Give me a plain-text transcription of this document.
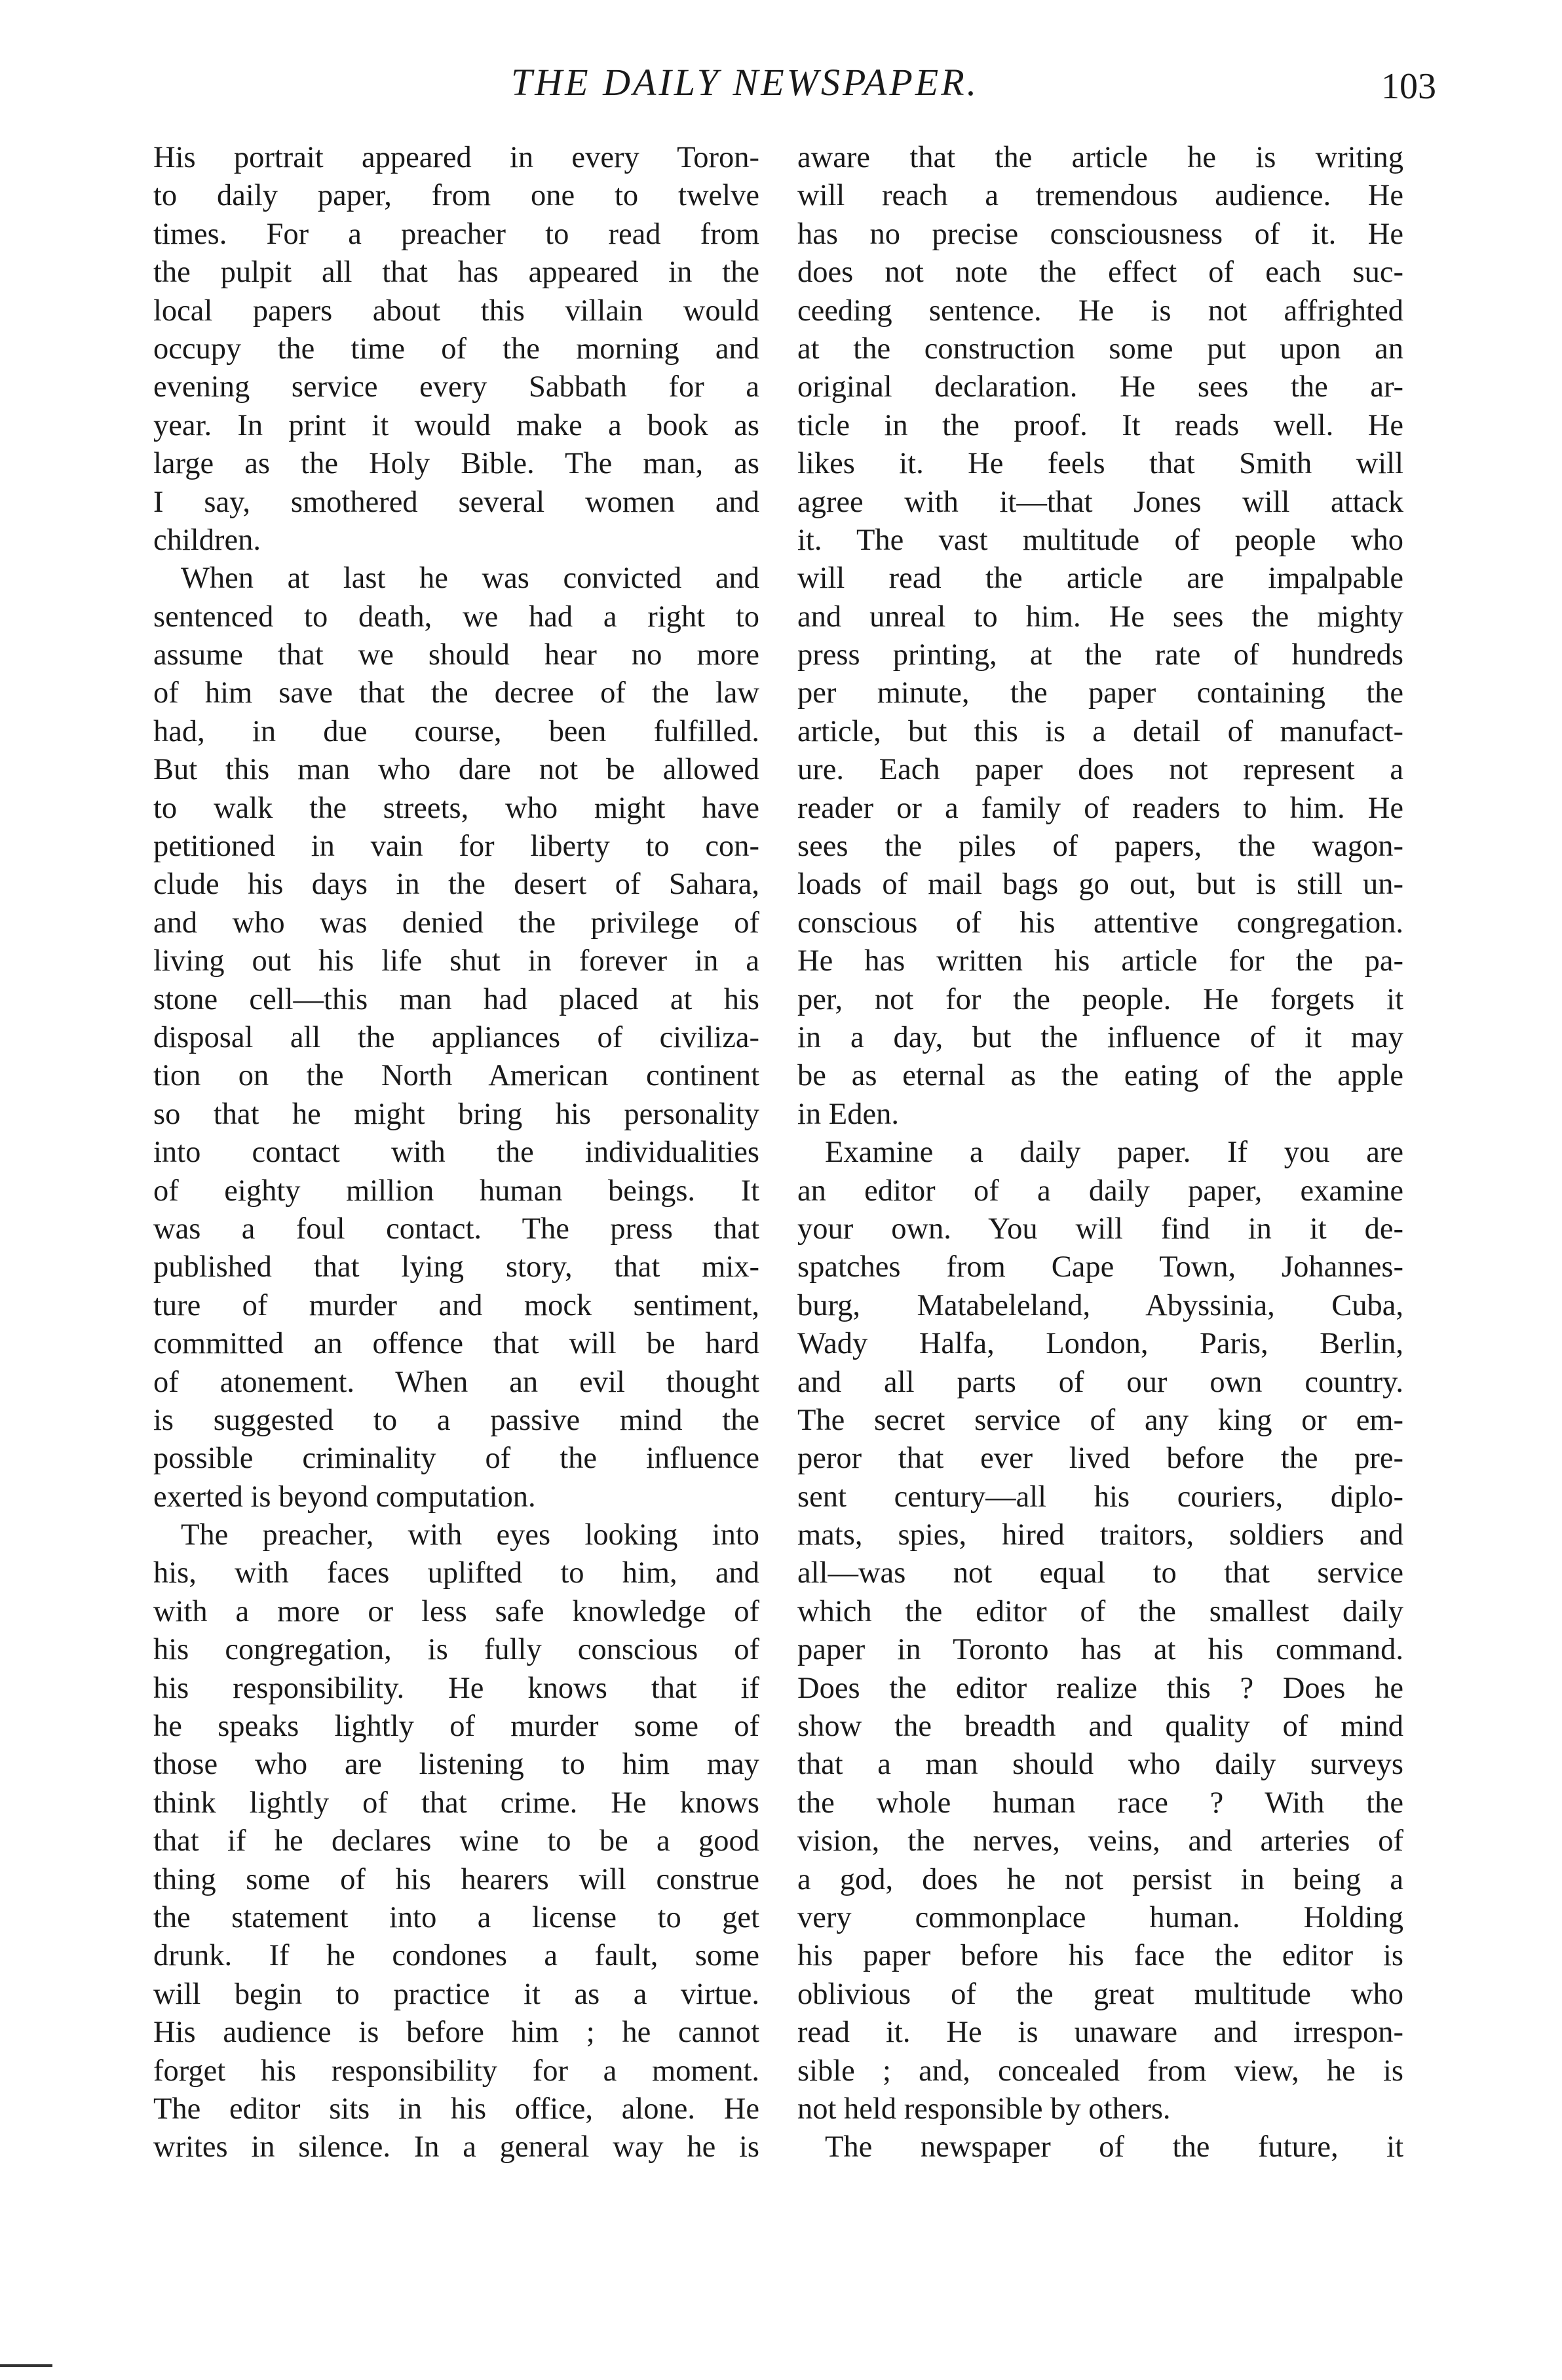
THE DAILY NEWSPAPER.	103
His portrait appeared in every Toron-
to daily paper, from one to twelve
times. For a preacher to read from
the pulpit all that has appeared in the
local papers about this villain would
occupy the time of the morning and
evening service every Sabbath for a
year. In print it would make a book as
large as the Holy Bible. The man, as
I say, smothered several women and
children.
When at last he was convicted and
sentenced to death, we had a right to
assume that we should hear no more
of him save that the decree of the law
had, in due course, been fulfilled.
But this man who dare not be allowed
to walk the streets, who might have
petitioned in vain for liberty to con-
clude his days in the desert of Sahara,
and who was denied the privilege of
living out his life shut in forever in a
stone cell—this man had placed at his
disposal all the appliances of civiliza-
tion on the North American continent
so that he might bring his personality
into contact with the individualities
of eighty million human beings. It
was a foul contact. The press that
published that lying story, that mix-
ture of murder and mock sentiment,
committed an offence that will be hard
of atonement. When an evil thought
is suggested to a passive mind the
possible criminality of the influence
exerted is beyond computation.
The preacher, with eyes looking into
his, with faces uplifted to him, and
with a more or less safe knowledge of
his congregation, is fully conscious of
his responsibility. He knows that if
he speaks lightly of murder some of
those who are listening to him may
think lightly of that crime. He knows
that if he declares wine to be a good
thing some of his hearers will construe
the statement into a license to get
drunk. If he condones a fault, some
will begin to practice it as a virtue.
His audience is before him ; he cannot
forget his responsibility for a moment.
The editor sits in his office, alone. He
writes in silence. In a general way he is
aware that the article he is writing
will reach a tremendous audience. He
has no precise consciousness of it. He
does not note the effect of each suc-
ceeding sentence. He is not affrighted
at the construction some put upon an
original declaration. He sees the ar-
ticle in the proof. It reads well. He
likes it. He feels that Smith will
agree with it—that Jones will attack
it. The vast multitude of people who
will read the article are impalpable
and unreal to him. He sees the mighty
press printing, at the rate of hundreds
per minute, the paper containing the
article, but this is a detail of manufact-
ure. Each paper does not represent a
reader or a family of readers to him. He
sees the piles of papers, the wagon-
loads of mail bags go out, but is still un-
conscious of his attentive congregation.
He has written his article for the pa-
per, not for the people. He forgets it
in a day, but the influence of it may
be as eternal as the eating of the apple
in Eden.
Examine a daily paper. If you are
an editor of a daily paper, examine
your own. You will find in it de-
spatches from Cape Town, Johannes-
burg, Matabeleland, Abyssinia, Cuba,
Wady Halfa, London, Paris, Berlin,
and all parts of our own country.
The secret service of any king or em-
peror that ever lived before the pre-
sent century—all his couriers, diplo-
mats, spies, hired traitors, soldiers and
all—was not equal to that service
which the editor of the smallest daily
paper in Toronto has at his command.
Does the editor realize this ? Does he
show the breadth and quality of mind
that a man should who daily surveys
the whole human race ? With the
vision, the nerves, veins, and arteries of
a god, does he not persist in being a
very commonplace human. Holding
his paper before his face the editor is
oblivious of the great multitude who
read it. He is unaware and irrespon-
sible ; and, concealed from view, he is
not held responsible by others.
The newspaper of the future, it
